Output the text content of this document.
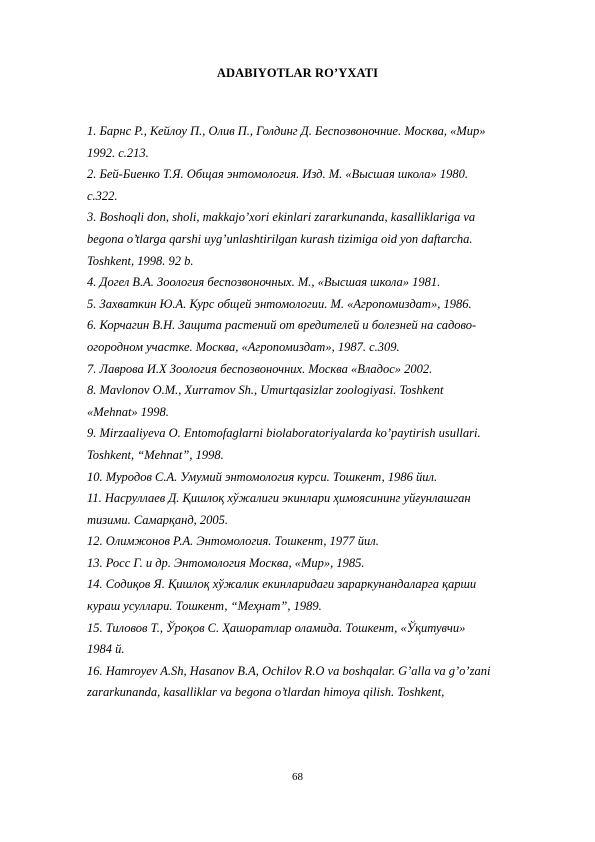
ADABIYOTLAR RO’YXATI
1. Барнс Р., Кейлоу П., Олив П., Голдинг Д. Беспозвоночние. Москва, «Мир»
1992. с.213.
2. Бей-Биенко Т.Я. Общая энтомология. Изд. М. «Высшая школа» 1980.
с.322.
3. Boshoqli don, sholi, makkajo’xori ekinlari zararkunanda, kasalliklariga va
begona o’tlarga qarshi uyg’unlashtirilgan kurash tizimiga oid yon daftarcha.
Toshkent, 1998. 92 b.
4. Догел В.А. Зоология беспозвоночных. М., «Высшая школа» 1981.
5. Захваткин Ю.А. Курс общей энтомологии. М. «Агропомиздат», 1986.
6. Корчагин В.Н. Защита растений от вредителей и болезней на садово-
огородном участке. Москва, «Агропомиздат», 1987. с.309.
7. Лаврова И.Х Зоология беспозвоночних. Москва «Владос» 2002.
8. Mavlonov O.M., Xurramov Sh., Umurtqasizlar zoologiyasi. Toshkent
«Mehnat» 1998.
9. Mirzaaliyeva O. Entomofaglarni biolaboratoriyalarda ko’paytirish usullari.
Toshkent, “Mehnat”, 1998.
10. Муродов С.А. Умумий энтомология курси. Тошкент, 1986 йил.
11. Насруллаев Д. Қишлоқ хўжалиги экинлари ҳимоясининг уйғунлашган
тизими. Самарқанд, 2005.
12. Олимжонов Р.А. Энтомология. Тошкент, 1977 йил.
13. Росс Г. и др. Энтомология Москва, «Мир», 1985.
14. Содиқов Я. Қишлоқ хўжалик екинларидаги зараркунандаларга қарши
кураш усуллари. Тошкент, “Меҳнат”, 1989.
15. Тиловов Т., Ўроқов С. Ҳашоратлар оламида. Тошкент, «Ўқитувчи»
1984 й.
16. Hamroyev A.Sh, Hasanov B.A, Ochilov R.O va boshqalar. G’alla va g’o’zani
zararkunanda, kasalliklar va begona o’tlardan himoya qilish. Toshkent,
68
